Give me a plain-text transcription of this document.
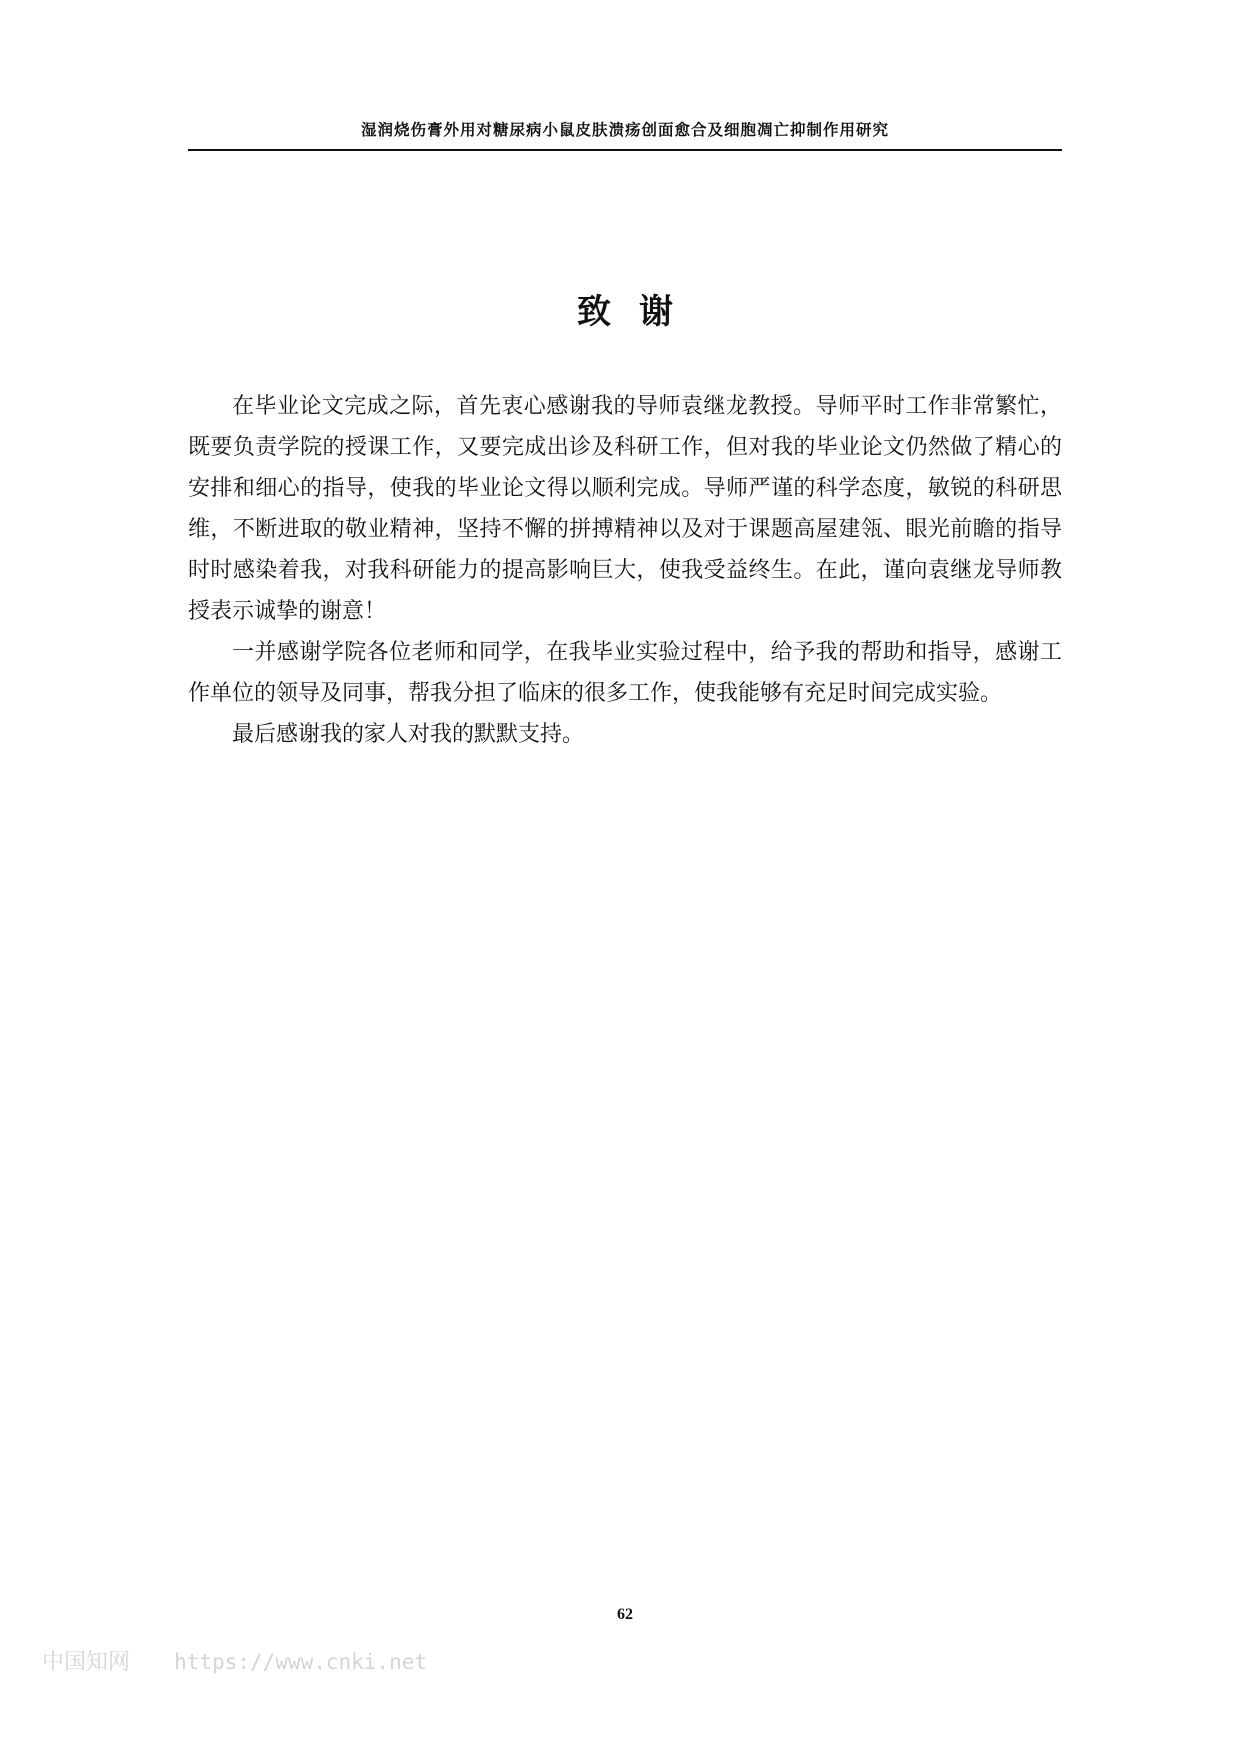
湿润烧伤膏外用对糖尿病小鼠皮肤溃疡创面愈合及细胞凋亡抑制作用研究
致谢

在毕业论文完成之际，首先衷心感谢我的导师袁继龙教授。导师平时工作非常繁忙，既要负责学院的授课工作，又要完成出诊及科研工作，但对我的毕业论文仍然做了精心的安排和细心的指导，使我的毕业论文得以顺利完成。导师严谨的科学态度，敏锐的科研思维，不断进取的敬业精神，坚持不懈的拼搏精神以及对于课题高屋建瓴、眼光前瞻的指导时时感染着我，对我科研能力的提高影响巨大，使我受益终生。在此，谨向袁继龙导师教授表示诚挚的谢意！

一并感谢学院各位老师和同学，在我毕业实验过程中，给予我的帮助和指导，感谢工作单位的领导及同事，帮我分担了临床的很多工作，使我能够有充足时间完成实验。

最后感谢我的家人对我的默默支持。

62
中国知网 https://www.cnki.net
